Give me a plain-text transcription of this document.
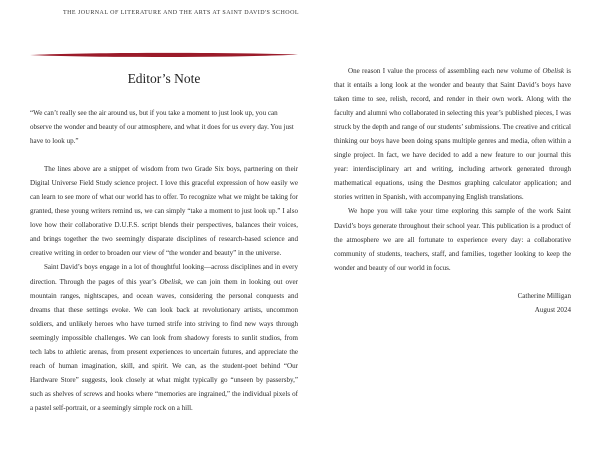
THE JOURNAL OF LITERATURE AND THE ARTS AT SAINT DAVID'S SCHOOL
Editor’s Note

“We can’t really see the air around us, but if you take a moment to just look up, you can observe the wonder and beauty of our atmosphere, and what it does for us every day. You just have to look up.”

The lines above are a snippet of wisdom from two Grade Six boys, partnering on their Digital Universe Field Study science project. I love this graceful expression of how easily we can learn to see more of what our world has to offer. To recognize what we might be taking for granted, these young writers remind us, we can simply “take a moment to just look up.” I also love how their collaborative D.U.F.S. script blends their perspectives, balances their voices, and brings together the two seemingly disparate disciplines of research-based science and creative writing in order to broaden our view of “the wonder and beauty” in the universe.

Saint David’s boys engage in a lot of thoughtful looking—across disciplines and in every direction. Through the pages of this year’s Obelisk, we can join them in looking out over mountain ranges, nightscapes, and ocean waves, considering the personal conquests and dreams that these settings evoke. We can look back at revolutionary artists, uncommon soldiers, and unlikely heroes who have turned strife into striving to find new ways through seemingly impossible challenges. We can look from shadowy forests to sunlit studios, from tech labs to athletic arenas, from present experiences to uncertain futures, and appreciate the reach of human imagination, skill, and spirit. We can, as the student-poet behind “Our Hardware Store” suggests, look closely at what might typically go “unseen by passersby,” such as shelves of screws and hooks where “memories are ingrained,” the individual pixels of a pastel self-portrait, or a seemingly simple rock on a hill.

One reason I value the process of assembling each new volume of Obelisk is that it entails a long look at the wonder and beauty that Saint David’s boys have taken time to see, relish, record, and render in their own work. Along with the faculty and alumni who collaborated in selecting this year’s published pieces, I was struck by the depth and range of our students’ submissions. The creative and critical thinking our boys have been doing spans multiple genres and media, often within a single project. In fact, we have decided to add a new feature to our journal this year: interdisciplinary art and writing, including artwork generated through mathematical equations, using the Desmos graphing calculator application; and stories written in Spanish, with accompanying English translations.

We hope you will take your time exploring this sample of the work Saint David’s boys generate throughout their school year. This publication is a product of the atmosphere we are all fortunate to experience every day: a collaborative community of students, teachers, staff, and families, together looking to keep the wonder and beauty of our world in focus.

Catherine Milligan

August 2024
